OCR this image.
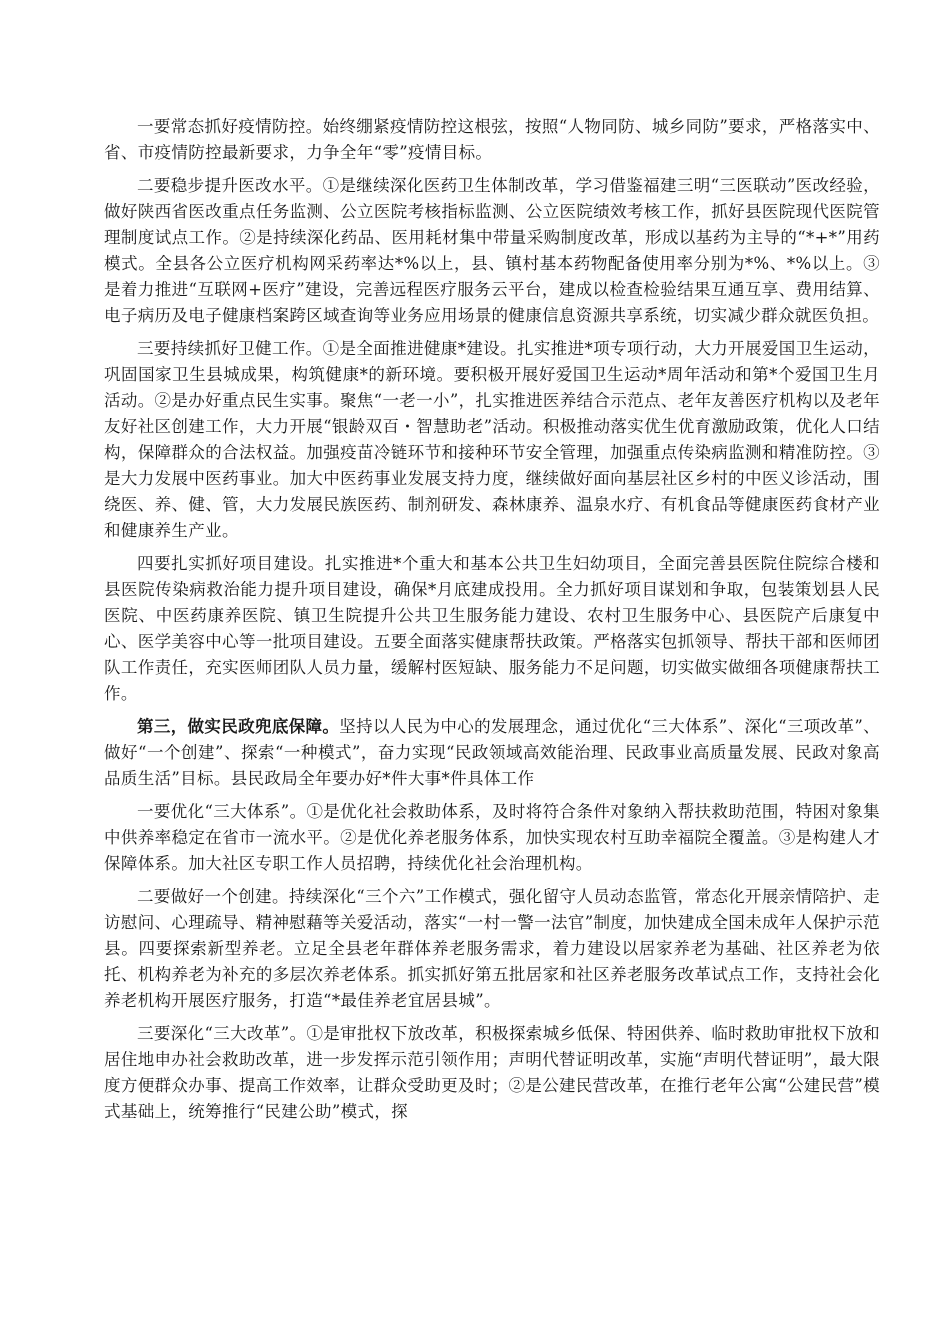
一要常态抓好疫情防控。始终绷紧疫情防控这根弦，按照“人物同防、城乡同防”要求，严格落实中、省、市疫情防控最新要求，力争全年“零”疫情目标。

二要稳步提升医改水平。①是继续深化医药卫生体制改革，学习借鉴福建三明“三医联动”医改经验，做好陕西省医改重点任务监测、公立医院考核指标监测、公立医院绩效考核工作，抓好县医院现代医院管理制度试点工作。②是持续深化药品、医用耗材集中带量采购制度改革，形成以基药为主导的“*+*”用药模式。全县各公立医疗机构网采药率达*%以上，县、镇村基本药物配备使用率分别为*%、*%以上。③是着力推进“互联网+医疗”建设，完善远程医疗服务云平台，建成以检查检验结果互通互享、费用结算、电子病历及电子健康档案跨区域查询等业务应用场景的健康信息资源共享系统，切实减少群众就医负担。

三要持续抓好卫健工作。①是全面推进健康*建设。扎实推进*项专项行动，大力开展爱国卫生运动，巩固国家卫生县城成果，构筑健康*的新环境。要积极开展好爱国卫生运动*周年活动和第*个爱国卫生月活动。②是办好重点民生实事。聚焦“一老一小”，扎实推进医养结合示范点、老年友善医疗机构以及老年友好社区创建工作，大力开展“银龄双百・智慧助老”活动。积极推动落实优生优育激励政策，优化人口结构，保障群众的合法权益。加强疫苗冷链环节和接种环节安全管理，加强重点传染病监测和精准防控。③是大力发展中医药事业。加大中医药事业发展支持力度，继续做好面向基层社区乡村的中医义诊活动，围绕医、养、健、管，大力发展民族医药、制剂研发、森林康养、温泉水疗、有机食品等健康医药食材产业和健康养生产业。

四要扎实抓好项目建设。扎实推进*个重大和基本公共卫生妇幼项目，全面完善县医院住院综合楼和县医院传染病救治能力提升项目建设，确保*月底建成投用。全力抓好项目谋划和争取，包装策划县人民医院、中医药康养医院、镇卫生院提升公共卫生服务能力建设、农村卫生服务中心、县医院产后康复中心、医学美容中心等一批项目建设。五要全面落实健康帮扶政策。严格落实包抓领导、帮扶干部和医师团队工作责任，充实医师团队人员力量，缓解村医短缺、服务能力不足问题，切实做实做细各项健康帮扶工作。

第三，做实民政兜底保障。坚持以人民为中心的发展理念，通过优化“三大体系”、深化“三项改革”、做好“一个创建”、探索“一种模式”，奋力实现“民政领域高效能治理、民政事业高质量发展、民政对象高品质生活”目标。县民政局全年要办好*件大事*件具体工作

一要优化“三大体系”。①是优化社会救助体系，及时将符合条件对象纳入帮扶救助范围，特困对象集中供养率稳定在省市一流水平。②是优化养老服务体系，加快实现农村互助幸福院全覆盖。③是构建人才保障体系。加大社区专职工作人员招聘，持续优化社会治理机构。

二要做好一个创建。持续深化“三个六”工作模式，强化留守人员动态监管，常态化开展亲情陪护、走访慰问、心理疏导、精神慰藉等关爱活动，落实“一村一警一法官”制度，加快建成全国未成年人保护示范县。四要探索新型养老。立足全县老年群体养老服务需求，着力建设以居家养老为基础、社区养老为依托、机构养老为补充的多层次养老体系。抓实抓好第五批居家和社区养老服务改革试点工作，支持社会化养老机构开展医疗服务，打造“*最佳养老宜居县城”。

三要深化“三大改革”。①是审批权下放改革，积极探索城乡低保、特困供养、临时救助审批权下放和居住地申办社会救助改革，进一步发挥示范引领作用；声明代替证明改革，实施“声明代替证明”，最大限度方便群众办事、提高工作效率，让群众受助更及时；②是公建民营改革，在推行老年公寓“公建民营”模式基础上，统筹推行“民建公助”模式，探
